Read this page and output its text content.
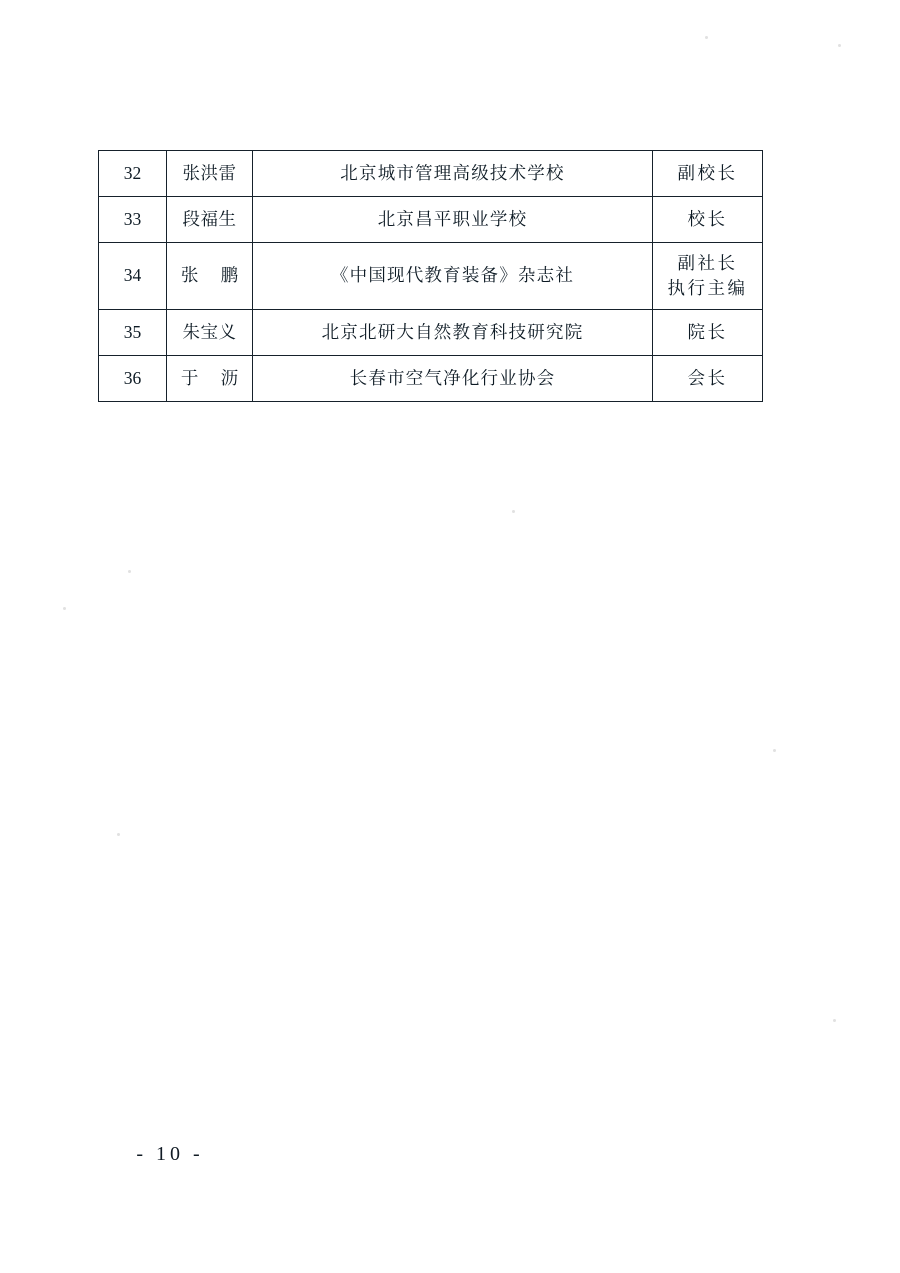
32	张洪雷	北京城市管理高级技术学校	副校长

33	段福生	北京昌平职业学校	校长

34	张 鹏	《中国现代教育装备》杂志社	副社长
执行主编

35	朱宝义	北京北研大自然教育科技研究院	院长

36	于 沥	长春市空气净化行业协会	会长
- 10 -
